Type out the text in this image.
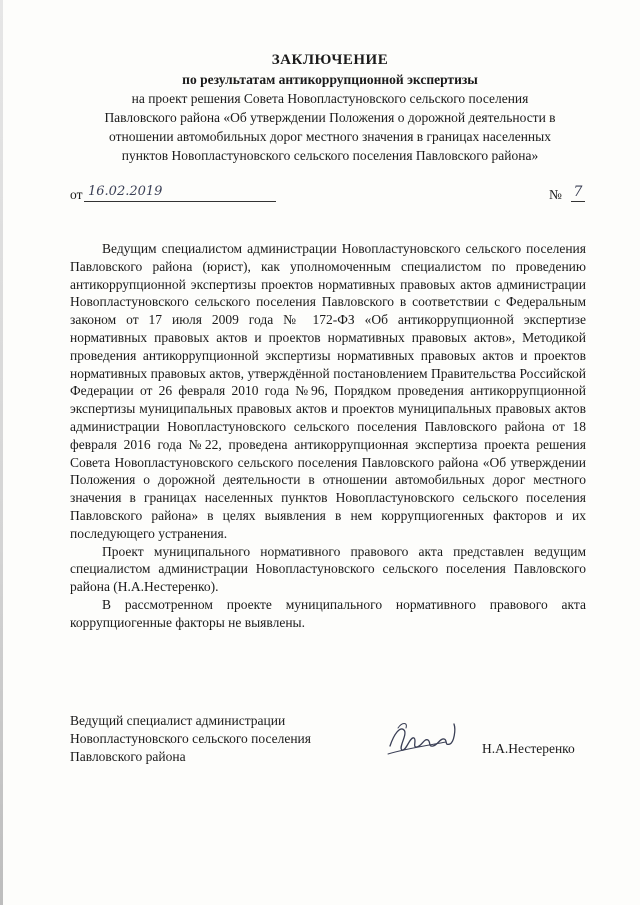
ЗАКЛЮЧЕНИЕ
по результатам антикоррупционной экспертизы
на проект решения Совета Новопластуновского сельского поселения
Павловского района «Об утверждении Положения о дорожной деятельности в
отношении автомобильных дорог местного значения в границах населенных
пунктов Новопластуновского сельского поселения Павловского района»
от 16.02.2019	№ 7

Ведущим специалистом администрации Новопластуновского сельского поселения Павловского района (юрист), как уполномоченным специалистом по проведению антикоррупционной экспертизы проектов нормативных правовых актов администрации Новопластуновского сельского поселения Павловского в соответствии с Федеральным законом от 17 июля 2009 года № 172-ФЗ «Об антикоррупционной экспертизе нормативных правовых актов и проектов нормативных правовых актов», Методикой проведения антикоррупционной экспертизы нормативных правовых актов и проектов нормативных правовых актов, утверждённой постановлением Правительства Российской Федерации от 26 февраля 2010 года №96, Порядком проведения антикоррупционной экспертизы муниципальных правовых актов и проектов муниципальных правовых актов администрации Новопластуновского сельского поселения Павловского района от 18 февраля 2016 года №22, проведена антикоррупционная экспертиза проекта решения Совета Новопластуновского сельского поселения Павловского района «Об утверждении Положения о дорожной деятельности в отношении автомобильных дорог местного значения в границах населенных пунктов Новопластуновского сельского поселения Павловского района» в целях выявления в нем коррупциогенных факторов и их последующего устранения.

Проект муниципального нормативного правового акта представлен ведущим специалистом администрации Новопластуновского сельского поселения Павловского района (Н.А.Нестеренко).

В рассмотренном проекте муниципального нормативного правового акта коррупциогенные факторы не выявлены.

Ведущий специалист администрации
Новопластуновского сельского поселения
Павловского района
Н.А.Нестеренко
